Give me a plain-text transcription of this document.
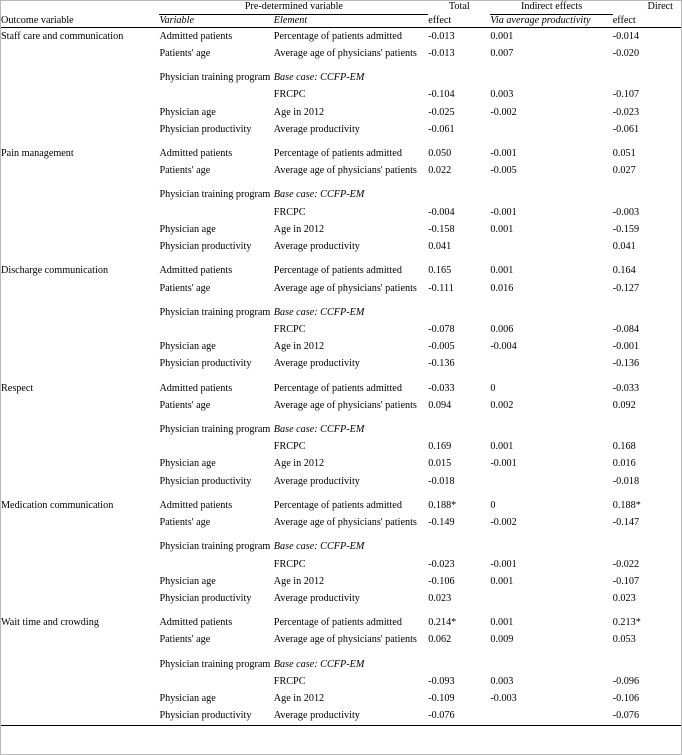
	Pre-determined variable		Total	Indirect effects	Direct

Outcome variable	Variable	Element	effect	Via average productivity	effect
Staff care and communication	Admitted patients	Percentage of patients admitted	-0.013	0.001	-0.014
	Patients' age	Average age of physicians' patients	-0.013	0.007	-0.020

	Physician training program	Base case: CCFP-EM			
		FRCPC	-0.104	0.003	-0.107
	Physician age	Age in 2012	-0.025	-0.002	-0.023
	Physician productivity	Average productivity	-0.061		-0.061

Pain management	Admitted patients	Percentage of patients admitted	0.050	-0.001	0.051
	Patients' age	Average age of physicians' patients	0.022	-0.005	0.027

	Physician training program	Base case: CCFP-EM			
		FRCPC	-0.004	-0.001	-0.003
	Physician age	Age in 2012	-0.158	0.001	-0.159
	Physician productivity	Average productivity	0.041		0.041

Discharge communication	Admitted patients	Percentage of patients admitted	0.165	0.001	0.164
	Patients' age	Average age of physicians' patients	-0.111	0.016	-0.127

	Physician training program	Base case: CCFP-EM			
		FRCPC	-0.078	0.006	-0.084
	Physician age	Age in 2012	-0.005	-0.004	-0.001
	Physician productivity	Average productivity	-0.136		-0.136

Respect	Admitted patients	Percentage of patients admitted	-0.033	0	-0.033
	Patients' age	Average age of physicians' patients	0.094	0.002	0.092

	Physician training program	Base case: CCFP-EM			
		FRCPC	0.169	0.001	0.168
	Physician age	Age in 2012	0.015	-0.001	0.016
	Physician productivity	Average productivity	-0.018		-0.018

Medication communication	Admitted patients	Percentage of patients admitted	0.188*	0	0.188*
	Patients' age	Average age of physicians' patients	-0.149	-0.002	-0.147

	Physician training program	Base case: CCFP-EM			
		FRCPC	-0.023	-0.001	-0.022
	Physician age	Age in 2012	-0.106	0.001	-0.107
	Physician productivity	Average productivity	0.023		0.023

Wait time and crowding	Admitted patients	Percentage of patients admitted	0.214*	0.001	0.213*
	Patients' age	Average age of physicians' patients	0.062	0.009	0.053

	Physician training program	Base case: CCFP-EM			
		FRCPC	-0.093	0.003	-0.096
	Physician age	Age in 2012	-0.109	-0.003	-0.106
	Physician productivity	Average productivity	-0.076		-0.076
